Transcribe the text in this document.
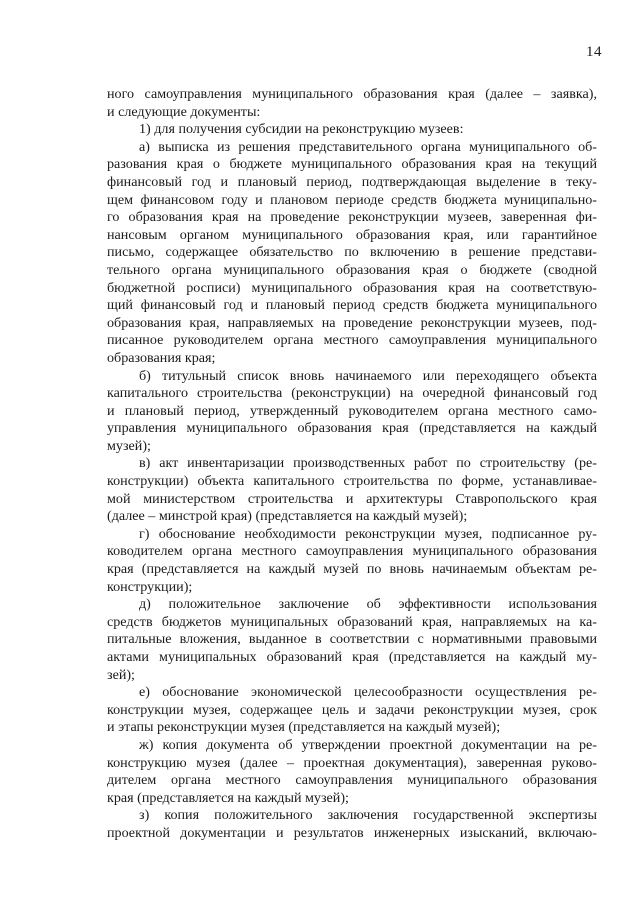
14
ного самоуправления муниципального образования края (далее – заявка),
и следующие документы:
1) для получения субсидии на реконструкцию музеев:
а) выписка из решения представительного органа муниципального об-
разования края о бюджете муниципального образования края на текущий
финансовый год и плановый период, подтверждающая выделение в теку-
щем финансовом году и плановом периоде средств бюджета муниципально-
го образования края на проведение реконструкции музеев, заверенная фи-
нансовым органом муниципального образования края, или гарантийное
письмо, содержащее обязательство по включению в решение представи-
тельного органа муниципального образования края о бюджете (сводной
бюджетной росписи) муниципального образования края на соответствую-
щий финансовый год и плановый период средств бюджета муниципального
образования края, направляемых на проведение реконструкции музеев, под-
писанное руководителем органа местного самоуправления муниципального
образования края;
б) титульный список вновь начинаемого или переходящего объекта
капитального строительства (реконструкции) на очередной финансовый год
и плановый период, утвержденный руководителем органа местного само-
управления муниципального образования края (представляется на каждый
музей);
в) акт инвентаризации производственных работ по строительству (ре-
конструкции) объекта капитального строительства по форме, устанавливае-
мой министерством строительства и архитектуры Ставропольского края
(далее – минстрой края) (представляется на каждый музей);
г) обоснование необходимости реконструкции музея, подписанное ру-
ководителем органа местного самоуправления муниципального образования
края (представляется на каждый музей по вновь начинаемым объектам ре-
конструкции);
д) положительное заключение об эффективности использования
средств бюджетов муниципальных образований края, направляемых на ка-
питальные вложения, выданное в соответствии с нормативными правовыми
актами муниципальных образований края (представляется на каждый му-
зей);
е) обоснование экономической целесообразности осуществления ре-
конструкции музея, содержащее цель и задачи реконструкции музея, срок
и этапы реконструкции музея (представляется на каждый музей);
ж) копия документа об утверждении проектной документации на ре-
конструкцию музея (далее – проектная документация), заверенная руково-
дителем органа местного самоуправления муниципального образования
края (представляется на каждый музей);
з) копия положительного заключения государственной экспертизы
проектной документации и результатов инженерных изысканий, включаю-
